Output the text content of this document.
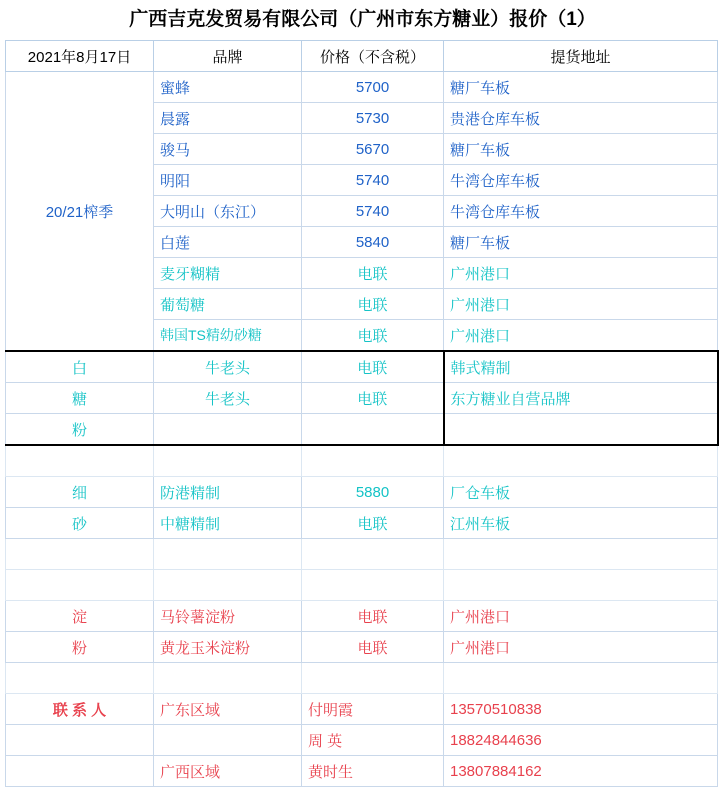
广西吉克发贸易有限公司（广州市东方糖业）报价（1）
2021年8月17日	品牌	价格（不含税）	提货地址
20/21榨季	蜜蜂	5700	糖厂车板
	晨露	5730	贵港仓库车板
	骏马	5670	糖厂车板
	明阳	5740	牛湾仓库车板
	大明山（东江）	5740	牛湾仓库车板
	白莲	5840	糖厂车板
	麦牙糊精	电联	广州港口
	葡萄糖	电联	广州港口
	韩国TS精幼砂糖	电联	广州港口
白	牛老头	电联	韩式精制
糖	牛老头	电联	东方糖业自营品牌
粉			

细	防港精制	5880	厂仓车板
砂	中糖精制	电联	江州车板

淀	马铃薯淀粉	电联	广州港口
粉	黄龙玉米淀粉	电联	广州港口

联 系 人	广东区域	付明霞	13570510838
		周 英	18824844636
	广西区域	黄时生	13807884162
